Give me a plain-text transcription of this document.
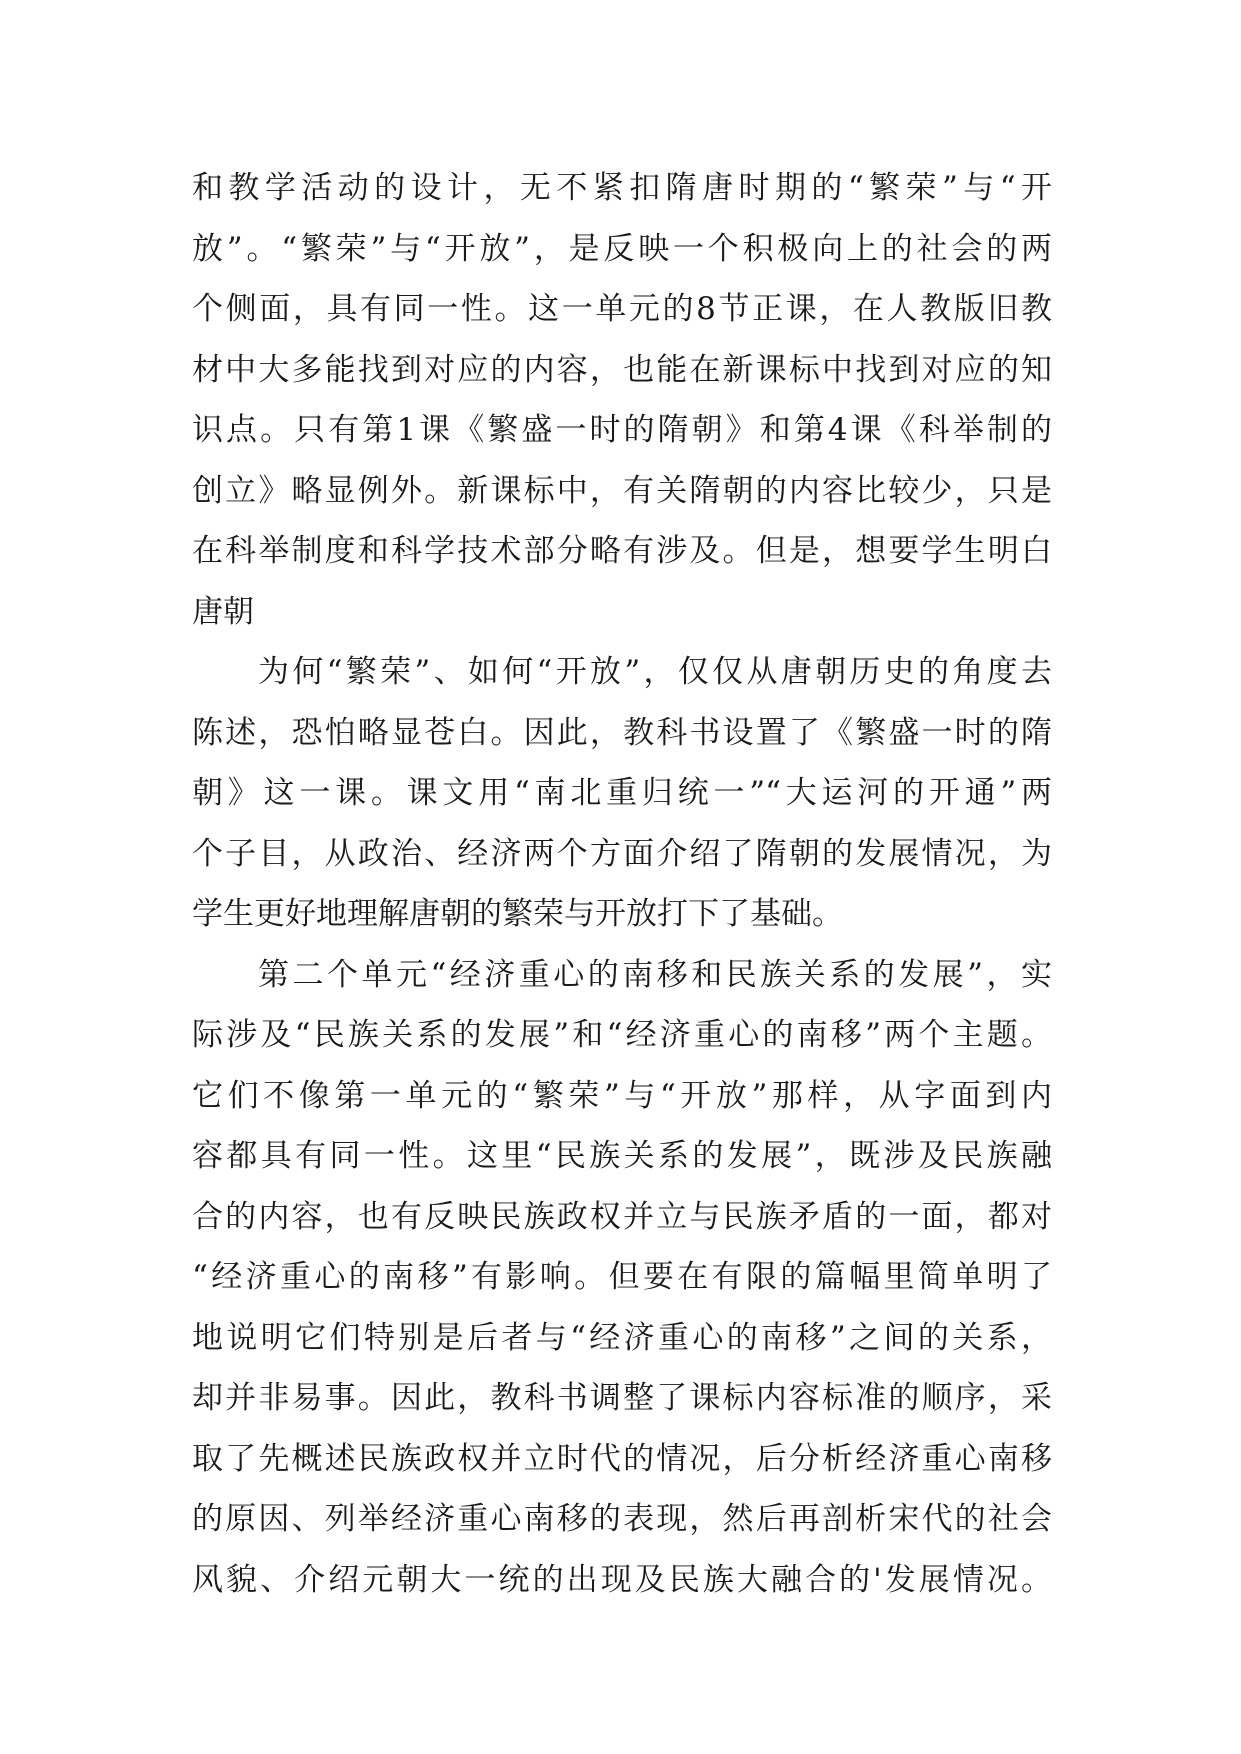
和教学活动的设计，无不紧扣隋唐时期的“繁荣”与“开
放”。“繁荣”与“开放”，是反映一个积极向上的社会的两
个侧面，具有同一性。这一单元的8节正课，在人教版旧教
材中大多能找到对应的内容，也能在新课标中找到对应的知
识点。只有第1课《繁盛一时的隋朝》和第4课《科举制的
创立》略显例外。新课标中，有关隋朝的内容比较少，只是
在科举制度和科学技术部分略有涉及。但是，想要学生明白
唐朝
为何“繁荣”、如何“开放”，仅仅从唐朝历史的角度去
陈述，恐怕略显苍白。因此，教科书设置了《繁盛一时的隋
朝》这一课。课文用“南北重归统一”“大运河的开通”两
个子目，从政治、经济两个方面介绍了隋朝的发展情况，为
学生更好地理解唐朝的繁荣与开放打下了基础。
第二个单元“经济重心的南移和民族关系的发展”，实
际涉及“民族关系的发展”和“经济重心的南移”两个主题。
它们不像第一单元的“繁荣”与“开放”那样，从字面到内
容都具有同一性。这里“民族关系的发展”，既涉及民族融
合的内容，也有反映民族政权并立与民族矛盾的一面，都对
“经济重心的南移”有影响。但要在有限的篇幅里简单明了
地说明它们特别是后者与“经济重心的南移”之间的关系，
却并非易事。因此，教科书调整了课标内容标准的顺序，采
取了先概述民族政权并立时代的情况，后分析经济重心南移
的原因、列举经济重心南移的表现，然后再剖析宋代的社会
风貌、介绍元朝大一统的出现及民族大融合的'发展情况。
